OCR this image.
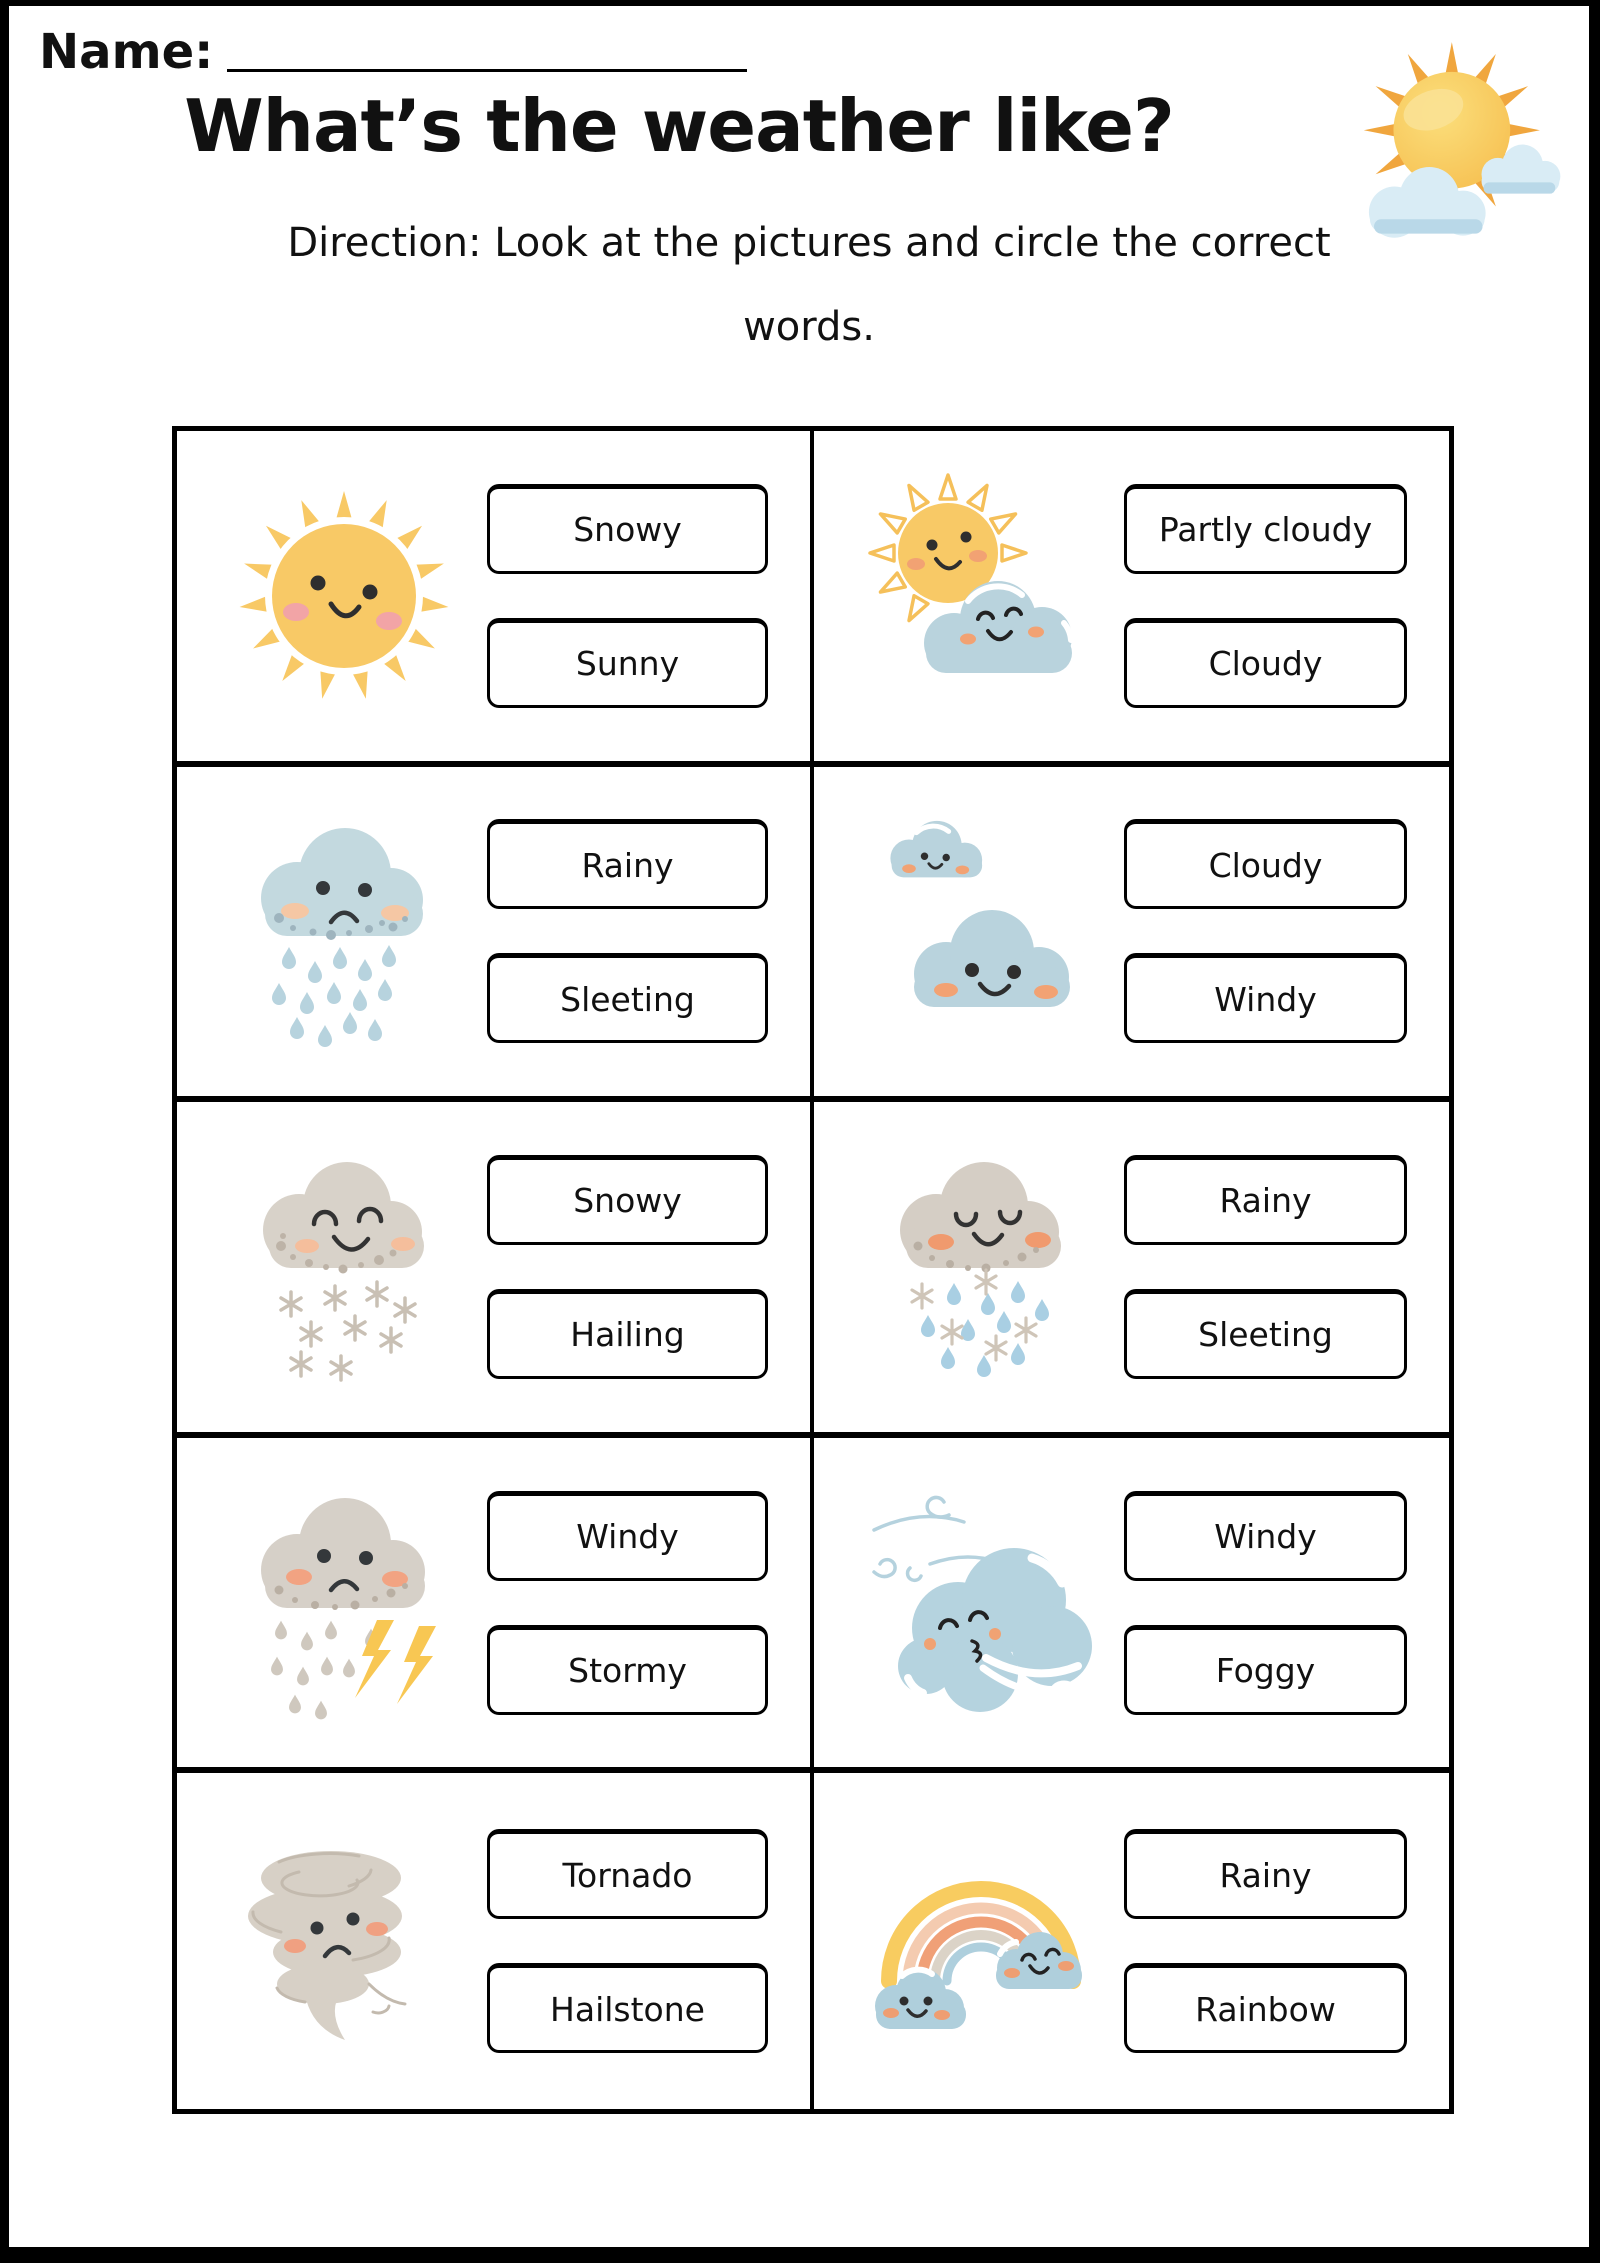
Name:
What’s the weather like?
Direction: Look at the pictures and circle the correct
words.
Snowy
Sunny
Partly cloudy
Cloudy
Rainy
Sleeting
Cloudy
Windy
Snowy
Hailing
Rainy
Sleeting
Windy
Stormy
Windy
Foggy
Tornado
Hailstone
Rainy
Rainbow
